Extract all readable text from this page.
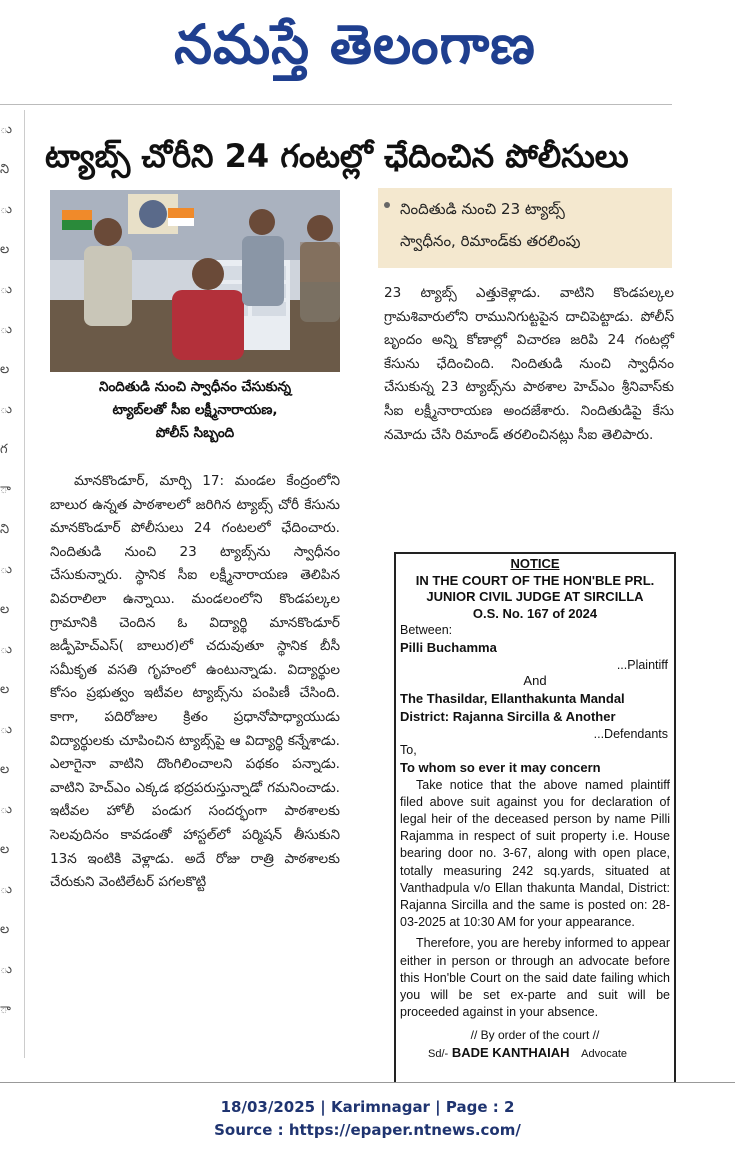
నమస్తే తెలంగాణ
ు
ని
ు
ల
ు
ు
ల
ు
గ
ా
ని
ు
ల
ు
ల
ు
ల
ు
ల
ు
ల
ు
ా
ట్యాబ్స్ చోరీని 24 గంటల్లో ఛేదించిన పోలీసులు
నిందితుడి నుంచి స్వాధీనం చేసుకున్న
ట్యాబ్‌లతో సీఐ లక్ష్మీనారాయణ,
పోలీస్ సిబ్బంది

మానకొండూర్, మార్చి 17: మండల కేంద్రంలోని బాలుర ఉన్నత పాఠశాలలో జరిగిన ట్యాబ్స్ చోరీ కేసును మానకొండూర్ పోలీసులు 24 గంటలలో ఛేదించారు. నిందితుడి నుంచి 23 ట్యాబ్స్‌ను స్వాధీనం చేసుకున్నారు. స్థానిక సీఐ లక్ష్మీనారాయణ తెలిపిన వివరాలిలా ఉన్నాయి. మండలంలోని కొండపల్కల గ్రామానికి చెందిన ఓ విద్యార్థి మానకొండూర్ జడ్పీహెచ్ఎస్( బాలుర)లో చదువుతూ స్థానిక బీసీ సమీకృత వసతి గృహంలో ఉంటున్నాడు. విద్యార్థుల కోసం ప్రభుత్వం ఇటీవల ట్యాబ్స్‌ను పంపిణీ చేసింది. కాగా, పదిరోజుల క్రితం ప్రధానోపాధ్యాయుడు విద్యార్థులకు చూపించిన ట్యాబ్స్‌పై ఆ విద్యార్థి కన్నేశాడు. ఎలాగైనా వాటిని దొంగిలించాలని పథకం పన్నాడు. వాటిని హెచ్ఎం ఎక్కడ భద్రపరుస్తున్నాడో గమనించాడు. ఇటీవల హోలీ పండుగ సందర్భంగా పాఠశాలకు సెలవుదినం కావడంతో హాస్టల్‌లో పర్మిషన్ తీసుకుని 13న ఇంటికి వెళ్లాడు. అదే రోజు రాత్రి పాఠశాలకు చేరుకుని వెంటిలేటర్ పగలకొట్టి

నిందితుడి నుంచి 23 ట్యాబ్స్
స్వాధీనం, రిమాండ్‌కు తరలింపు

23 ట్యాబ్స్ ఎత్తుకెళ్లాడు. వాటిని కొండపల్కల గ్రామశివారులోని రామునిగుట్టపైన దాచిపెట్టాడు. పోలీస్ బృందం అన్ని కోణాల్లో విచారణ జరిపి 24 గంటల్లో కేసును ఛేదించింది. నిందితుడి నుంచి స్వాధీనం చేసుకున్న 23 ట్యాబ్స్‌ను పాఠశాల హెచ్ఎం శ్రీనివాస్‌కు సీఐ లక్ష్మీనారాయణ అందజేశారు. నిందితుడిపై కేసు నమోదు చేసి రిమాండ్ తరలించినట్లు సీఐ తెలిపారు.

NOTICE
IN THE COURT OF THE HON'BLE PRL.
JUNIOR CIVIL JUDGE AT SIRCILLA
O.S. No. 167 of 2024
Between:
Pilli Buchamma
...Plaintiff
And
The Thasildar, Ellanthakunta Mandal
District: Rajanna Sircilla & Another
...Defendants
To,
To whom so ever it may concern
Take notice that the above named plaintiff filed above suit against you for declaration of legal heir of the deceased person by name Pilli Rajamma in respect of suit property i.e. House bearing door no. 3-67, along with open place, totally measuring 242 sq.yards, situated at Vanthadpula v/o Ellan thakunta Mandal, District: Rajanna Sircilla and the same is posted on: 28-03-2025 at 10:30 AM for your appearance.
Therefore, you are hereby informed to appear either in person or through an advocate before this Hon'ble Court on the said date failing which you will be set ex-parte and suit will be proceeded against in your absence.
// By order of the court //
Sd/- BADE KANTHAIAH Advocate
18/03/2025 | Karimnagar | Page : 2
Source : https://epaper.ntnews.com/
